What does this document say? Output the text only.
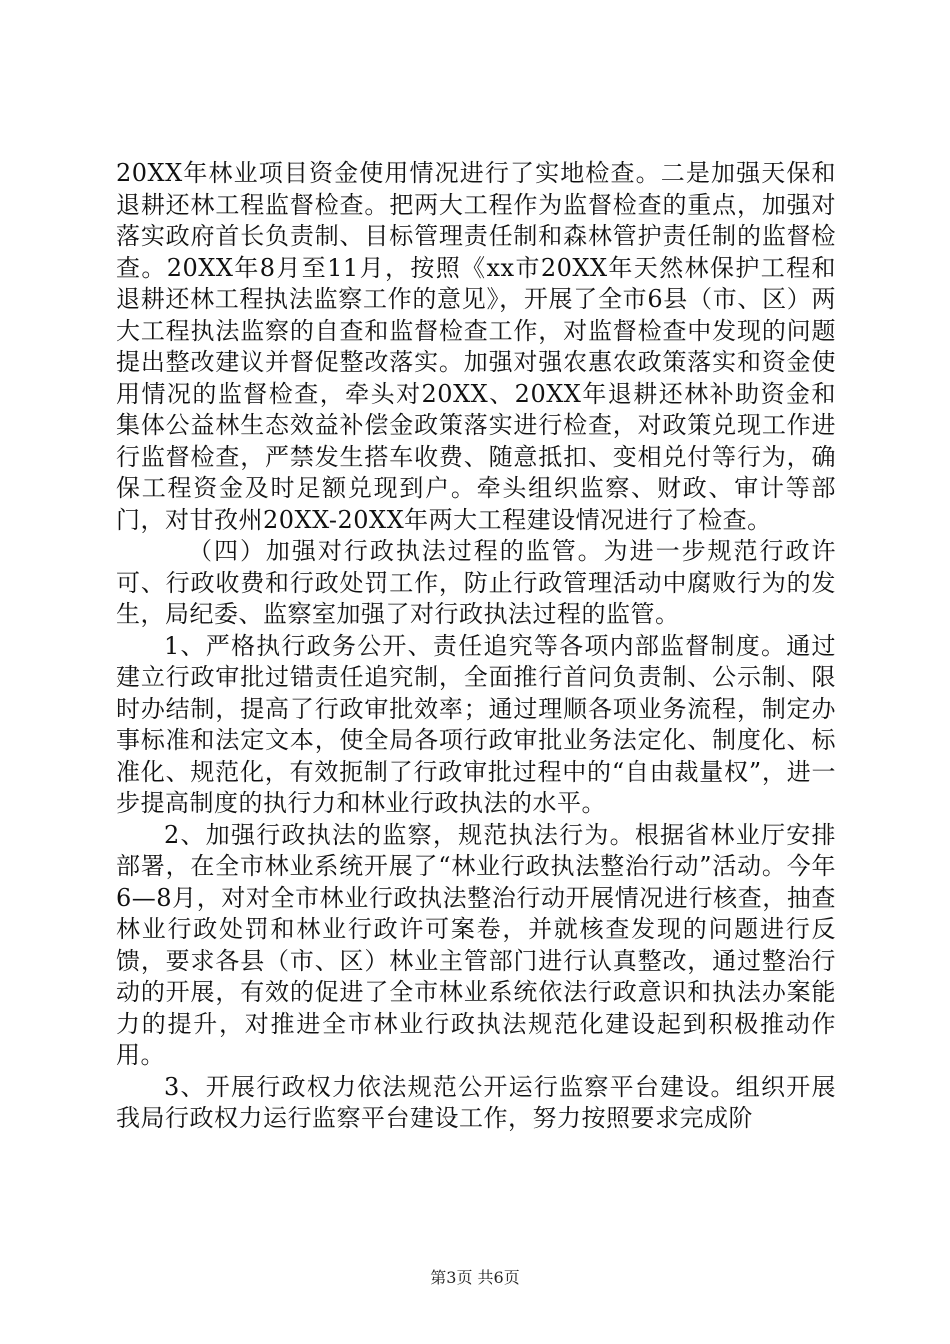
20XX年林业项目资金使用情况进行了实地检查。二是加强天保和退耕还林工程监督检查。把两大工程作为监督检查的重点，加强对落实政府首长负责制、目标管理责任制和森林管护责任制的监督检查。20XX年8月至11月，按照《xx市20XX年天然林保护工程和退耕还林工程执法监察工作的意见》，开展了全市6县（市、区）两大工程执法监察的自查和监督检查工作，对监督检查中发现的问题提出整改建议并督促整改落实。加强对强农惠农政策落实和资金使用情况的监督检查，牵头对20XX、20XX年退耕还林补助资金和集体公益林生态效益补偿金政策落实进行检查，对政策兑现工作进行监督检查，严禁发生搭车收费、随意抵扣、变相兑付等行为，确保工程资金及时足额兑现到户。牵头组织监察、财政、审计等部门，对甘孜州20XX-20XX年两大工程建设情况进行了检查。

（四）加强对行政执法过程的监管。为进一步规范行政许可、行政收费和行政处罚工作，防止行政管理活动中腐败行为的发生，局纪委、监察室加强了对行政执法过程的监管。

1、严格执行政务公开、责任追究等各项内部监督制度。通过建立行政审批过错责任追究制，全面推行首问负责制、公示制、限时办结制，提高了行政审批效率；通过理顺各项业务流程，制定办事标准和法定文本，使全局各项行政审批业务法定化、制度化、标准化、规范化，有效扼制了行政审批过程中的“自由裁量权”，进一步提高制度的执行力和林业行政执法的水平。

2、加强行政执法的监察，规范执法行为。根据省林业厅安排部署，在全市林业系统开展了“林业行政执法整治行动”活动。今年6—8月，对对全市林业行政执法整治行动开展情况进行核查，抽查林业行政处罚和林业行政许可案卷，并就核查发现的问题进行反馈，要求各县（市、区）林业主管部门进行认真整改，通过整治行动的开展，有效的促进了全市林业系统依法行政意识和执法办案能力的提升，对推进全市林业行政执法规范化建设起到积极推动作用。

3、开展行政权力依法规范公开运行监察平台建设。组织开展我局行政权力运行监察平台建设工作，努力按照要求完成阶

第3页 共6页
